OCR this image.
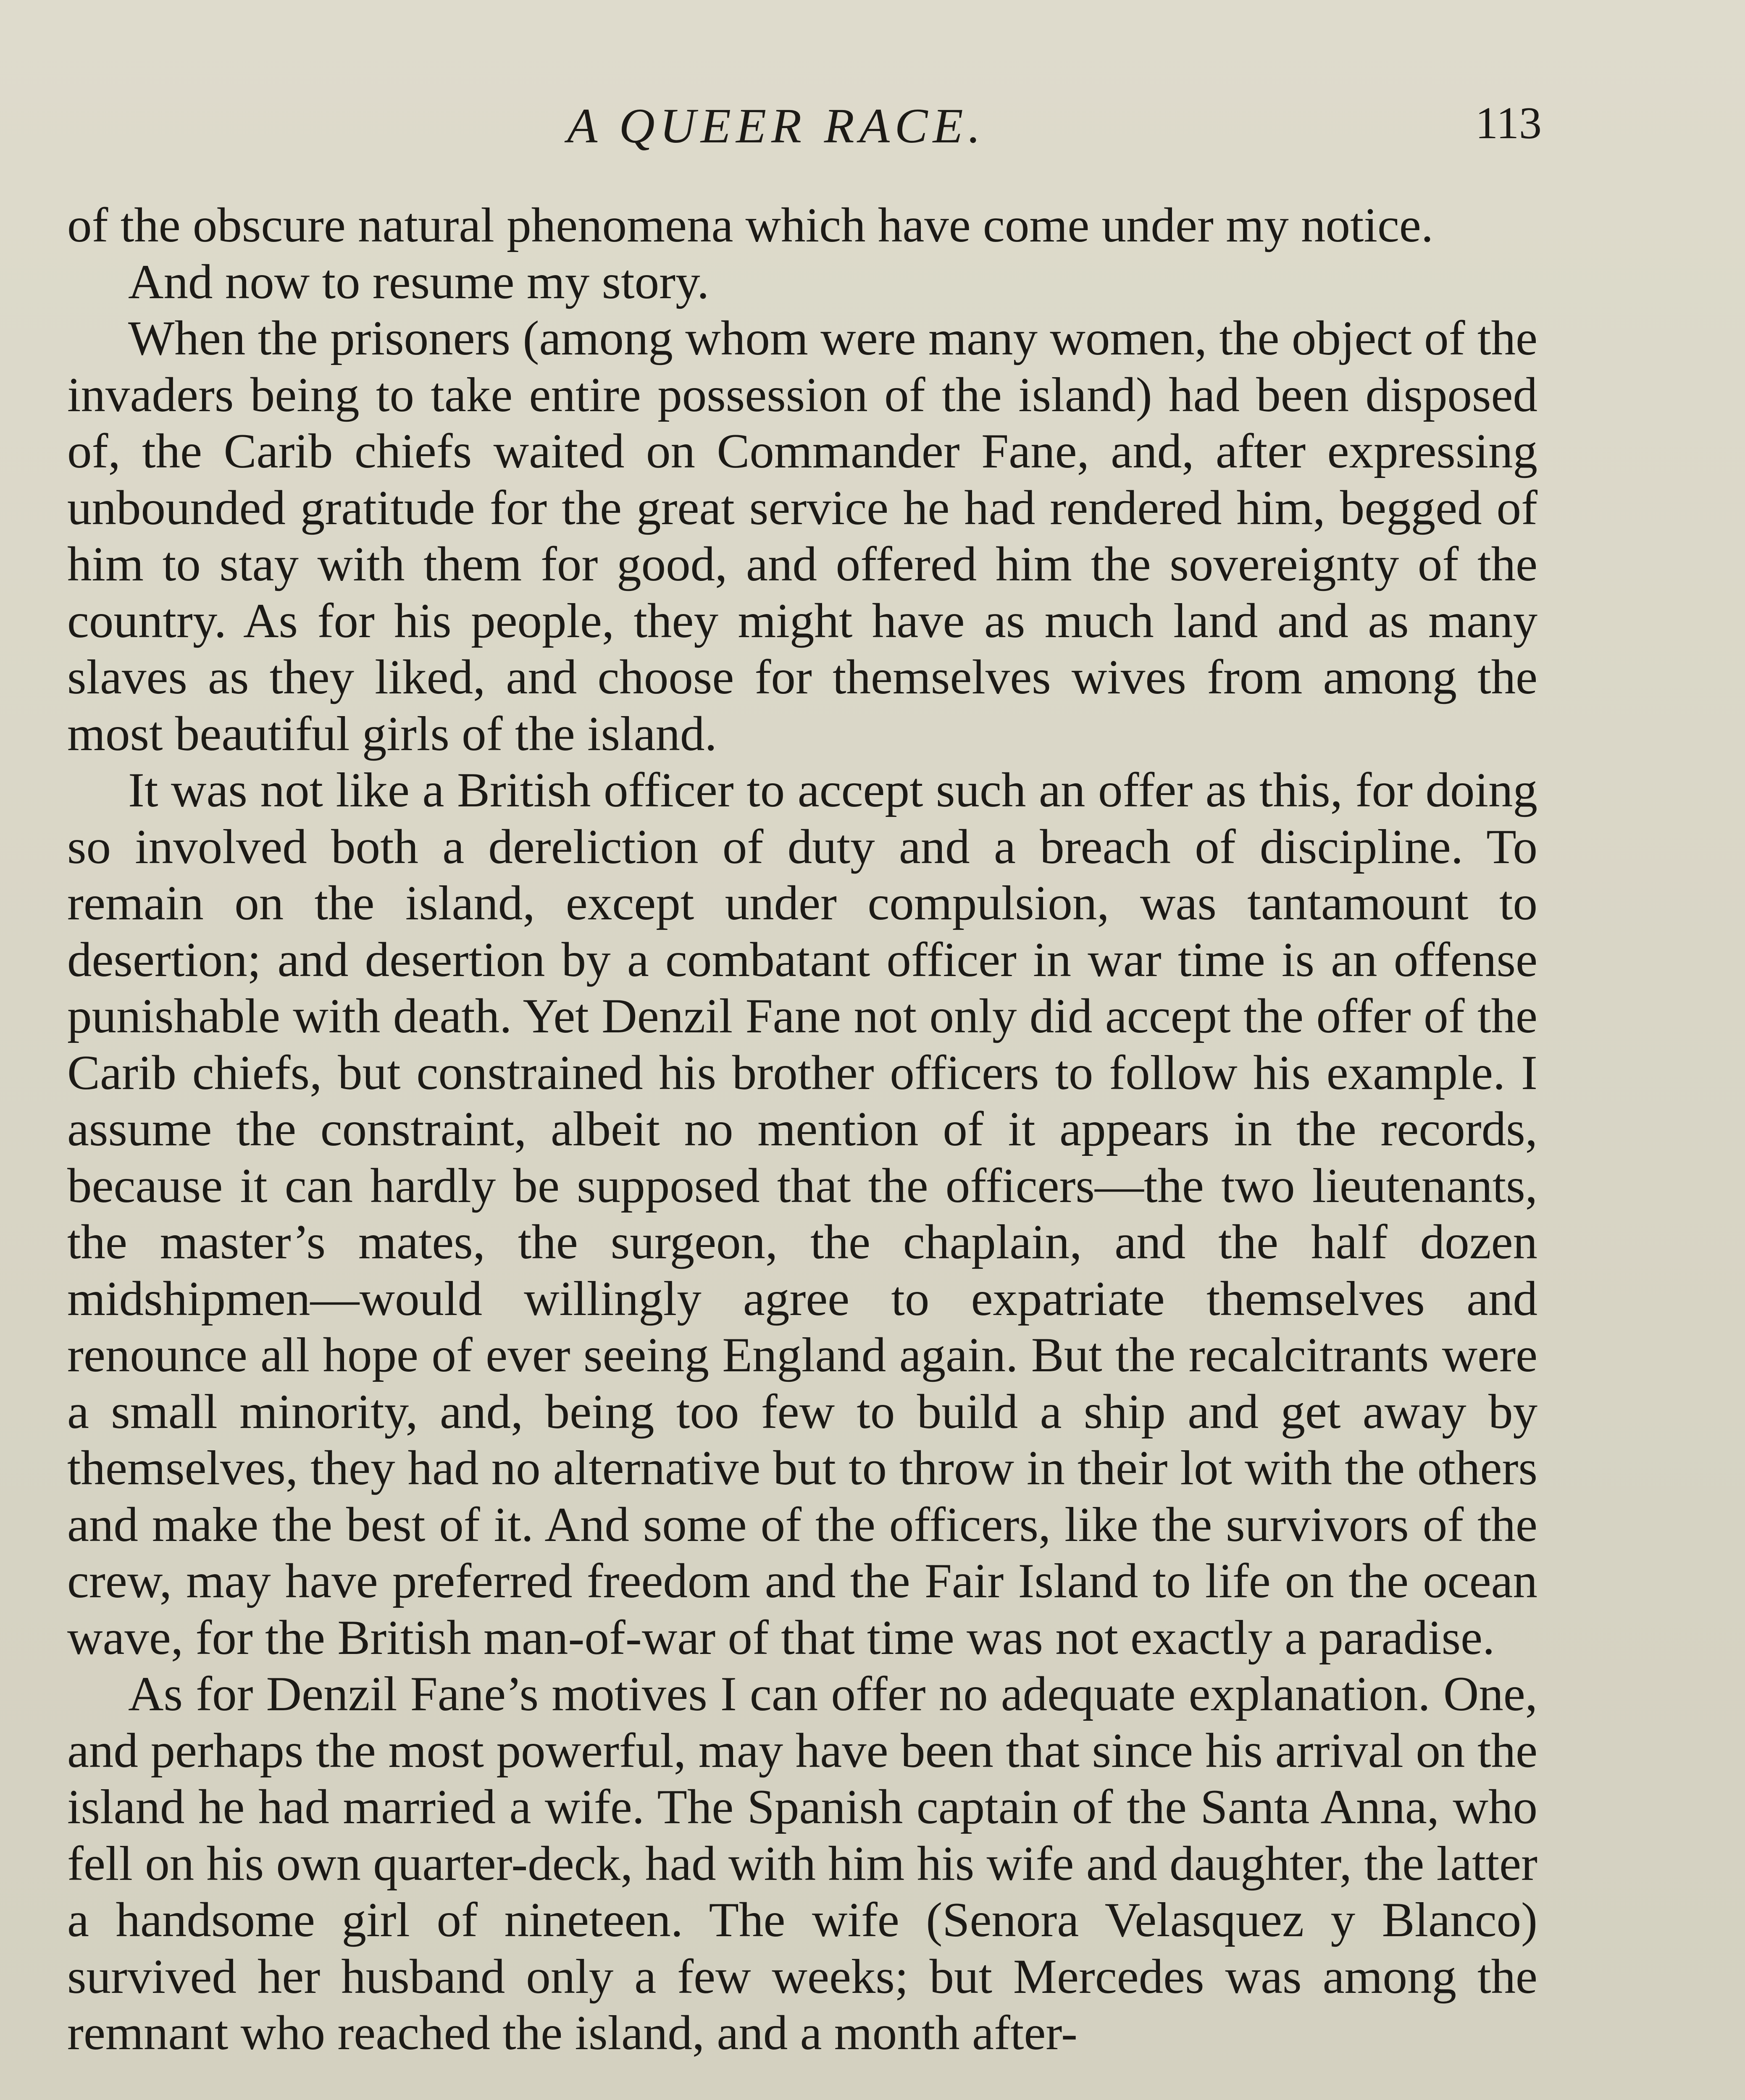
A QUEER RACE.	113

of the obscure natural phenomena which have come under my notice.

And now to resume my story.

When the prisoners (among whom were many women, the object of the invaders being to take entire possession of the island) had been disposed of, the Carib chiefs waited on Commander Fane, and, after expressing unbounded gratitude for the great service he had rendered him, begged of him to stay with them for good, and offered him the sovereignty of the country. As for his people, they might have as much land and as many slaves as they liked, and choose for themselves wives from among the most beautiful girls of the island.

It was not like a British officer to accept such an offer as this, for doing so involved both a dereliction of duty and a breach of discipline. To remain on the island, except under compulsion, was tantamount to desertion; and desertion by a combatant officer in war time is an offense punishable with death. Yet Denzil Fane not only did accept the offer of the Carib chiefs, but constrained his brother officers to follow his example. I assume the constraint, albeit no mention of it appears in the records, because it can hardly be supposed that the officers—the two lieutenants, the master’s mates, the surgeon, the chaplain, and the half dozen midshipmen—would willingly agree to expatriate themselves and renounce all hope of ever seeing England again. But the recalcitrants were a small minority, and, being too few to build a ship and get away by themselves, they had no alternative but to throw in their lot with the others and make the best of it. And some of the officers, like the survivors of the crew, may have preferred freedom and the Fair Island to life on the ocean wave, for the British man-of-war of that time was not exactly a paradise.

As for Denzil Fane’s motives I can offer no adequate explanation. One, and perhaps the most powerful, may have been that since his arrival on the island he had married a wife. The Spanish captain of the Santa Anna, who fell on his own quarter-deck, had with him his wife and daughter, the latter a handsome girl of nineteen. The wife (Senora Velasquez y Blanco) survived her husband only a few weeks; but Mercedes was among the remnant who reached the island, and a month after-
